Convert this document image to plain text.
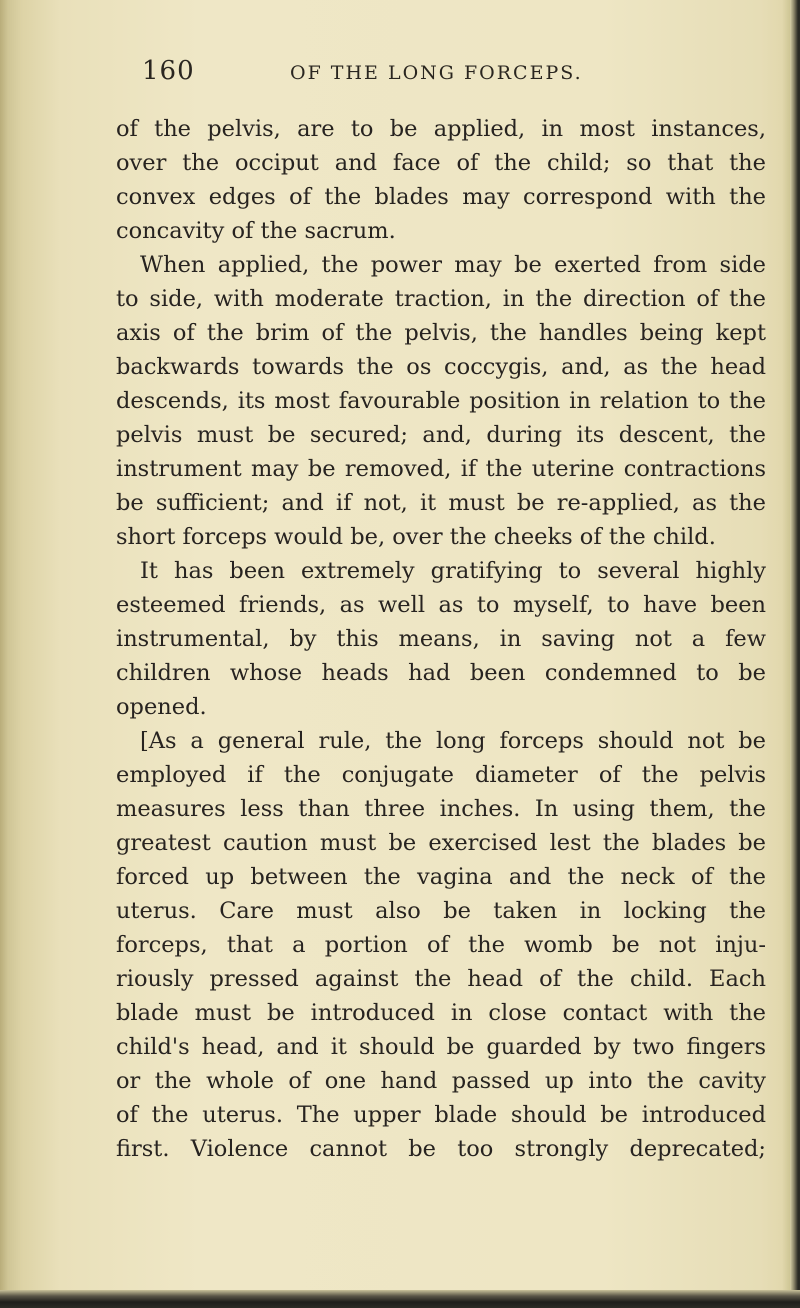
160	OF THE LONG FORCEPS.
of the pelvis, are to be applied, in most instances,
over the occiput and face of the child; so that the
convex edges of the blades may correspond with the
concavity of the sacrum.
When applied, the power may be exerted from side
to side, with moderate traction, in the direction of the
axis of the brim of the pelvis, the handles being kept
backwards towards the os coccygis, and, as the head
descends, its most favourable position in relation to the
pelvis must be secured; and, during its descent, the
instrument may be removed, if the uterine contractions
be sufficient; and if not, it must be re-applied, as the
short forceps would be, over the cheeks of the child.
It has been extremely gratifying to several highly
esteemed friends, as well as to myself, to have been
instrumental, by this means, in saving not a few
children whose heads had been condemned to be
opened.
[As a general rule, the long forceps should not be
employed if the conjugate diameter of the pelvis
measures less than three inches. In using them, the
greatest caution must be exercised lest the blades be
forced up between the vagina and the neck of the
uterus. Care must also be taken in locking the
forceps, that a portion of the womb be not inju-
riously pressed against the head of the child. Each
blade must be introduced in close contact with the
child's head, and it should be guarded by two fingers
or the whole of one hand passed up into the cavity
of the uterus. The upper blade should be introduced
first. Violence cannot be too strongly deprecated;
